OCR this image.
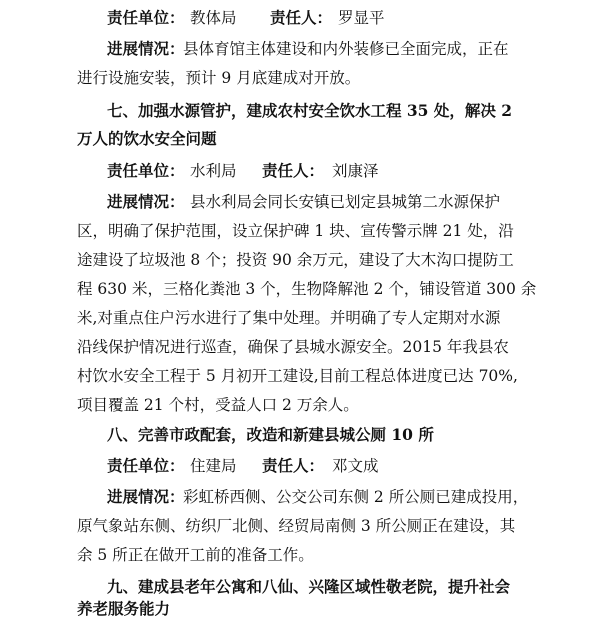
责任单位： 教体局 责任人： 罗显平
进展情况：
县体育馆主体建设和内外装修已全面完成，正在
进行设施安装，预计 9 月底建成对开放。
七、加强水源管护，建成农村安全饮水工程 35 处，解决 2
万人的饮水安全问题
责任单位： 水利局 责任人： 刘康泽
进展情况： 县水利局会同长安镇已划定县城第二水源保护
区，明确了保护范围，设立保护碑 1 块、宣传警示牌 21 处，沿
途建设了垃圾池 8 个；投资 90 余万元，建设了大木沟口提防工
程 630 米，三格化粪池 3 个，生物降解池 2 个，铺设管道 300 余
米,对重点住户污水进行了集中处理。并明确了专人定期对水源
沿线保护情况进行巡查，确保了县城水源安全。2015 年我县农
村饮水安全工程于 5 月初开工建设,目前工程总体进度已达 70%,
项目覆盖 21 个村，受益人口 2 万余人。
八、完善市政配套，改造和新建县城公厕 10 所
责任单位： 住建局 责任人： 邓文成
进展情况：
彩虹桥西侧、公交公司东侧 2 所公厕已建成投用，
原气象站东侧、纺织厂北侧、经贸局南侧 3 所公厕正在建设，其
余 5 所正在做开工前的准备工作。
九、建成县老年公寓和八仙、兴隆区域性敬老院，提升社会
养老服务能力
